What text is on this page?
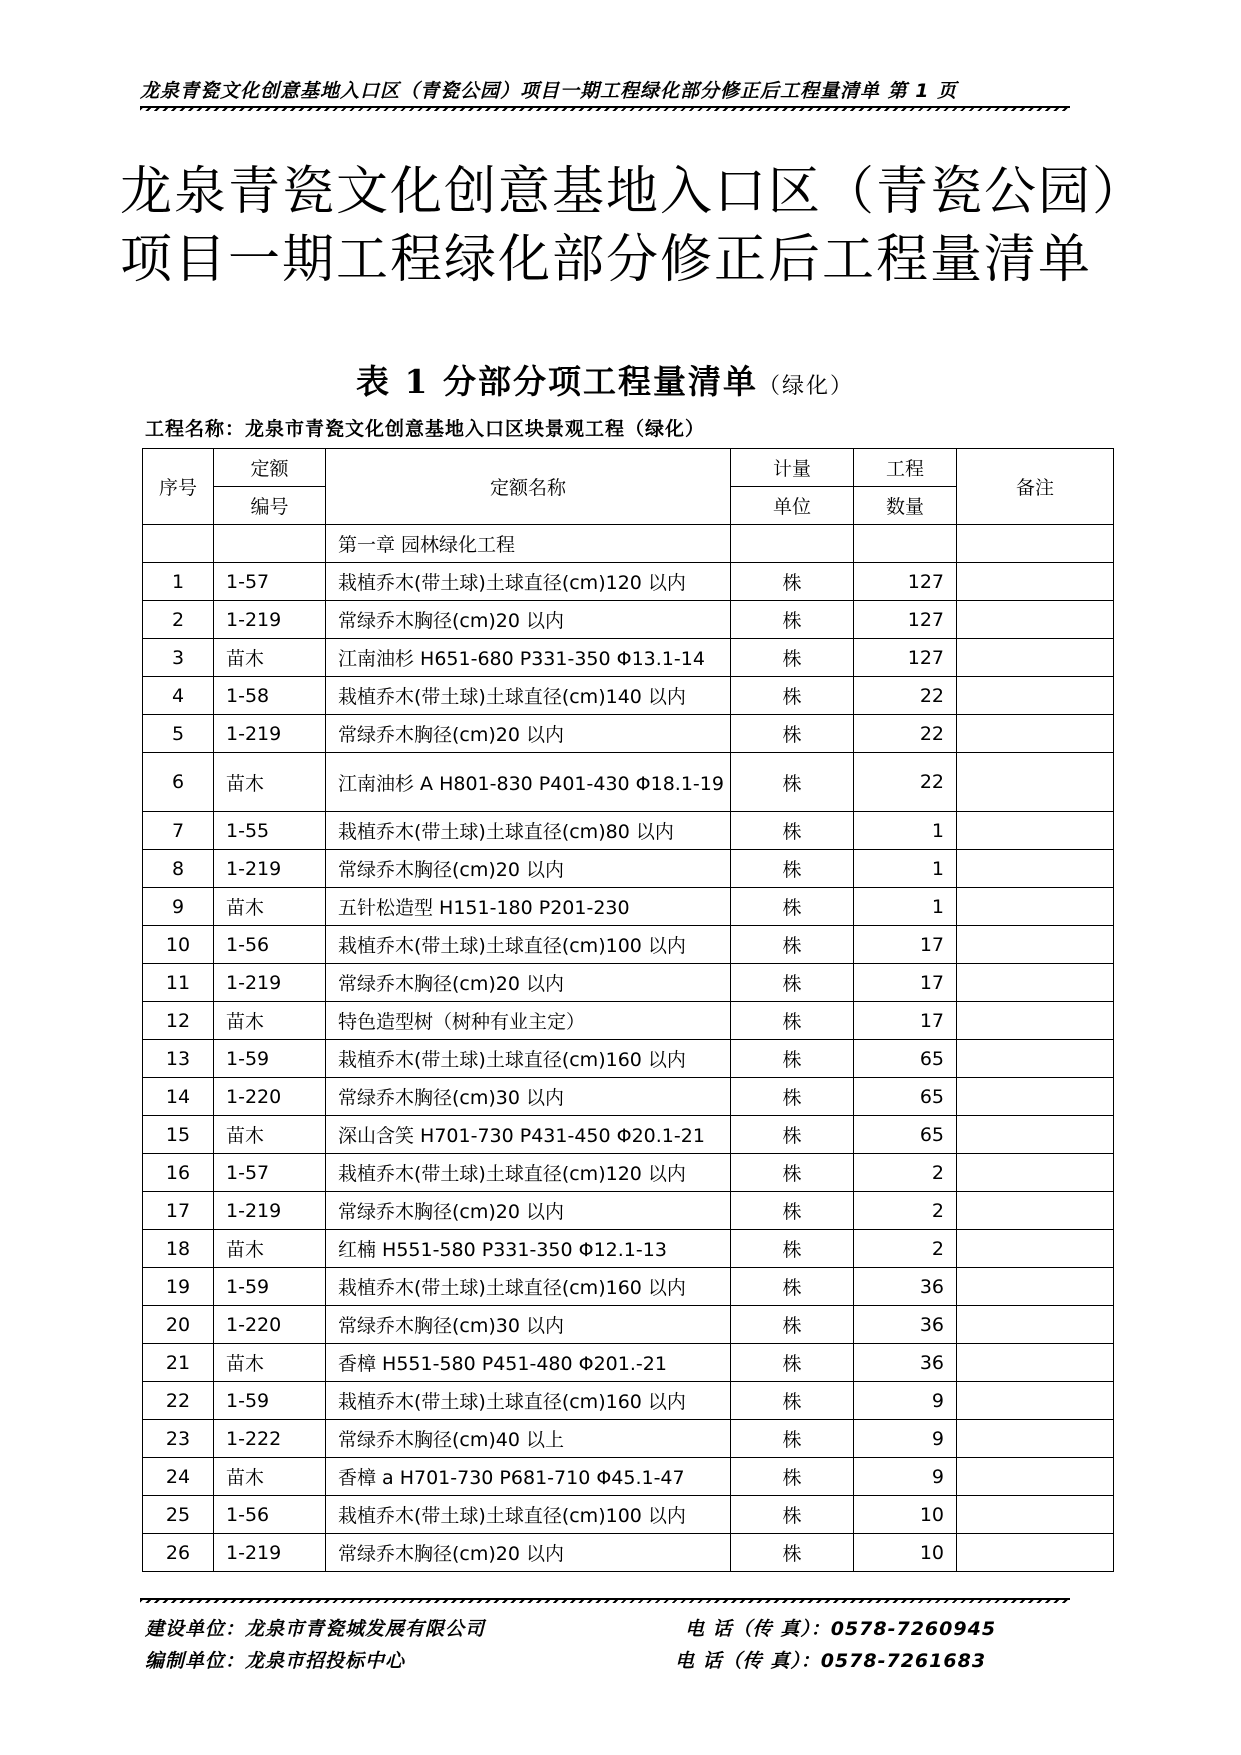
龙泉青瓷文化创意基地入口区（青瓷公园）项目一期工程绿化部分修正后工程量清单 第 1 页
龙泉青瓷文化创意基地入口区（青瓷公园）
项目一期工程绿化部分修正后工程量清单
表 1 分部分项工程量清单（绿化）
工程名称：龙泉市青瓷文化创意基地入口区块景观工程（绿化）
序号	定额	定额名称	计量	工程	备注
	编号		单位	数量	
		第一章 园林绿化工程			
1	1-57	栽植乔木(带土球)土球直径(cm)120 以内	株	127	
2	1-219	常绿乔木胸径(cm)20 以内	株	127	
3	苗木	江南油杉 H651-680 P331-350 Φ13.1-14	株	127	
4	1-58	栽植乔木(带土球)土球直径(cm)140 以内	株	22	
5	1-219	常绿乔木胸径(cm)20 以内	株	22	
6	苗木	江南油杉 A H801-830 P401-430 Φ18.1-19	株	22	
7	1-55	栽植乔木(带土球)土球直径(cm)80 以内	株	1	
8	1-219	常绿乔木胸径(cm)20 以内	株	1	
9	苗木	五针松造型 H151-180 P201-230	株	1	
10	1-56	栽植乔木(带土球)土球直径(cm)100 以内	株	17	
11	1-219	常绿乔木胸径(cm)20 以内	株	17	
12	苗木	特色造型树（树种有业主定）	株	17	
13	1-59	栽植乔木(带土球)土球直径(cm)160 以内	株	65	
14	1-220	常绿乔木胸径(cm)30 以内	株	65	
15	苗木	深山含笑 H701-730 P431-450 Φ20.1-21	株	65	
16	1-57	栽植乔木(带土球)土球直径(cm)120 以内	株	2	
17	1-219	常绿乔木胸径(cm)20 以内	株	2	
18	苗木	红楠 H551-580 P331-350 Φ12.1-13	株	2	
19	1-59	栽植乔木(带土球)土球直径(cm)160 以内	株	36	
20	1-220	常绿乔木胸径(cm)30 以内	株	36	
21	苗木	香樟 H551-580 P451-480 Φ201.-21	株	36	
22	1-59	栽植乔木(带土球)土球直径(cm)160 以内	株	9	
23	1-222	常绿乔木胸径(cm)40 以上	株	9	
24	苗木	香樟 a H701-730 P681-710 Φ45.1-47	株	9	
25	1-56	栽植乔木(带土球)土球直径(cm)100 以内	株	10	
26	1-219	常绿乔木胸径(cm)20 以内	株	10	
建设单位：龙泉市青瓷城发展有限公司	电 话（传 真）：0578-7260945
编制单位：龙泉市招投标中心	电 话（传 真）：0578-7261683
